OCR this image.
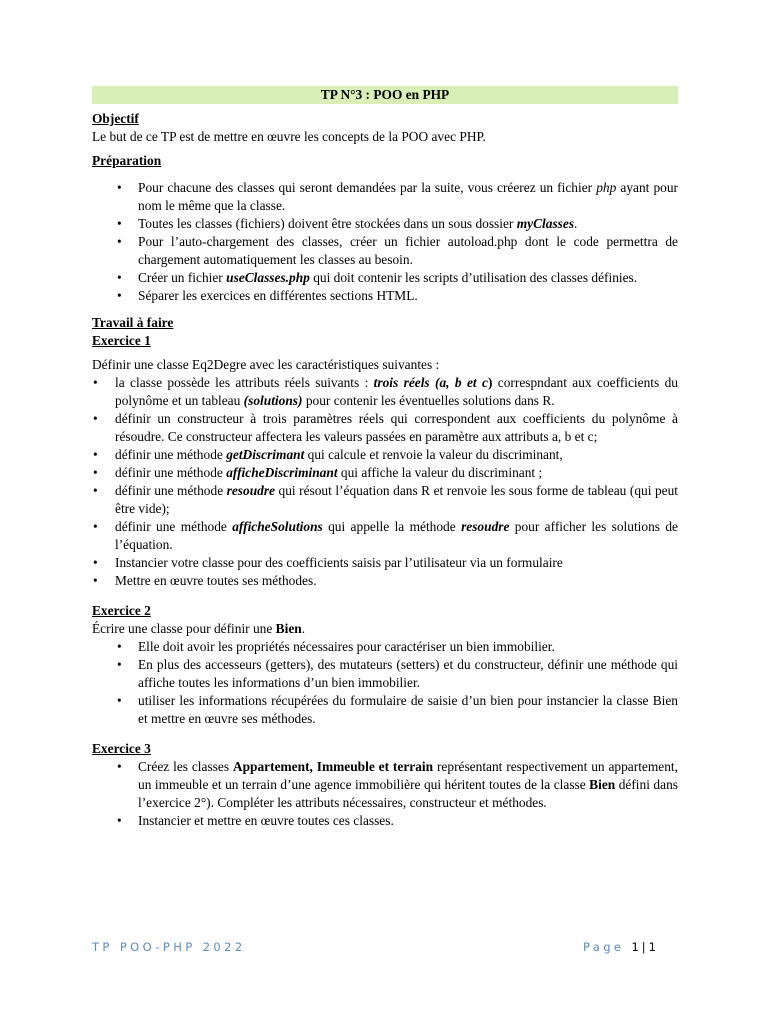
TP N°3 : POO en PHP
Objectif

Le but de ce TP est de mettre en œuvre les concepts de la POO avec PHP.

Préparation
• Pour chacune des classes qui seront demandées par la suite, vous créerez un fichier php ayant pour nom le même que la classe.
• Toutes les classes (fichiers) doivent être stockées dans un sous dossier myClasses.
• Pour l’auto-chargement des classes, créer un fichier autoload.php dont le code permettra de chargement automatiquement les classes au besoin.
• Créer un fichier useClasses.php qui doit contenir les scripts d’utilisation des classes définies.
• Séparer les exercices en différentes sections HTML.
Travail à faire
Exercice 1

Définir une classe Eq2Degre avec les caractéristiques suivantes :

• la classe possède les attributs réels suivants : trois réels (a, b et c) correspndant aux coefficients du polynôme et un tableau (solutions) pour contenir les éventuelles solutions dans R.
• définir un constructeur à trois paramètres réels qui correspondent aux coefficients du polynôme à résoudre. Ce constructeur affectera les valeurs passées en paramètre aux attributs a, b et c;
• définir une méthode getDiscrimant qui calcule et renvoie la valeur du discriminant,
• définir une méthode afficheDiscriminant qui affiche la valeur du discriminant ;
• définir une méthode resoudre qui résout l’équation dans R et renvoie les sous forme de tableau (qui peut être vide);
• définir une méthode afficheSolutions qui appelle la méthode resoudre pour afficher les solutions de l’équation.
• Instancier votre classe pour des coefficients saisis par l’utilisateur via un formulaire
• Mettre en œuvre toutes ses méthodes.
Exercice 2

Écrire une classe pour définir une Bien.

• Elle doit avoir les propriétés nécessaires pour caractériser un bien immobilier.
• En plus des accesseurs (getters), des mutateurs (setters) et du constructeur, définir une méthode qui affiche toutes les informations d’un bien immobilier.
• utiliser les informations récupérées du formulaire de saisie d’un bien pour instancier la classe Bien et mettre en œuvre ses méthodes.
Exercice 3
• Créez les classes Appartement, Immeuble et terrain représentant respectivement un appartement, un immeuble et un terrain d’une agence immobilière qui héritent toutes de la classe Bien défini dans l’exercice 2°). Compléter les attributs nécessaires, constructeur et méthodes.
• Instancier et mettre en œuvre toutes ces classes.
TP POO-PHP 2022	Page 1 | 1
